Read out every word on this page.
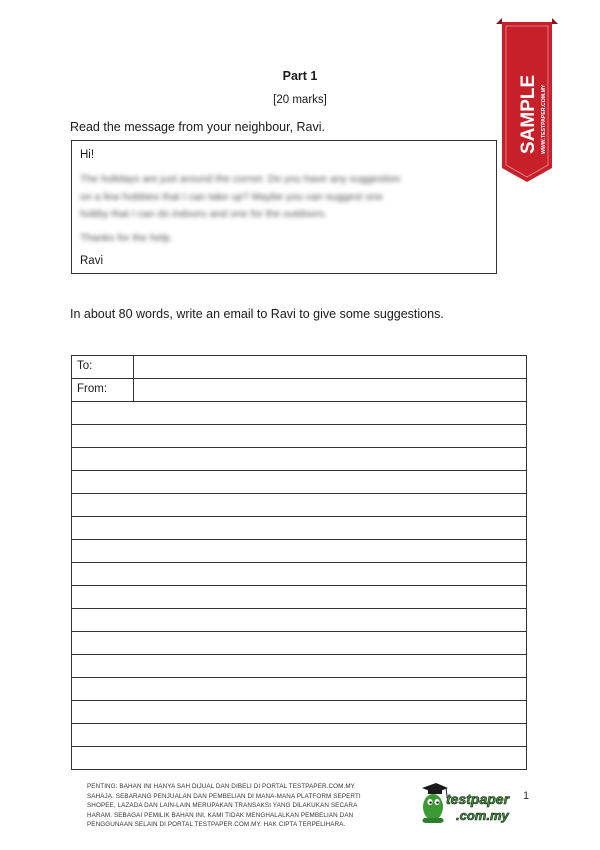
SAMPLE WWW.TESTPAPER.COM.MY
Part 1
[20 marks]
Read the message from your neighbour, Ravi.
Hi!
The holidays are just around the corner. Do you have any suggestion
on a few hobbies that I can take up? Maybe you can suggest one
hobby that I can do indoors and one for the outdoors.
Thanks for the help.
Ravi
In about 80 words, write an email to Ravi to give some suggestions.
To:
From:
PENTING: BAHAN INI HANYA SAH DIJUAL DAN DIBELI DI PORTAL TESTPAPER.COM.MY
SAHAJA. SEBARANG PENJUALAN DAN PEMBELIAN DI MANA-MANA PLATFORM SEPERTI
SHOPEE, LAZADA DAN LAIN-LAIN MERUPAKAN TRANSAKSI YANG DILAKUKAN SECARA
HARAM. SEBAGAI PEMILIK BAHAN INI, KAMI TIDAK MENGHALALKAN PEMBELIAN DAN
PENGGUNAAN SELAIN DI PORTAL TESTPAPER.COM.MY. HAK CIPTA TERPELIHARA.
testpaper
.com.my
1
